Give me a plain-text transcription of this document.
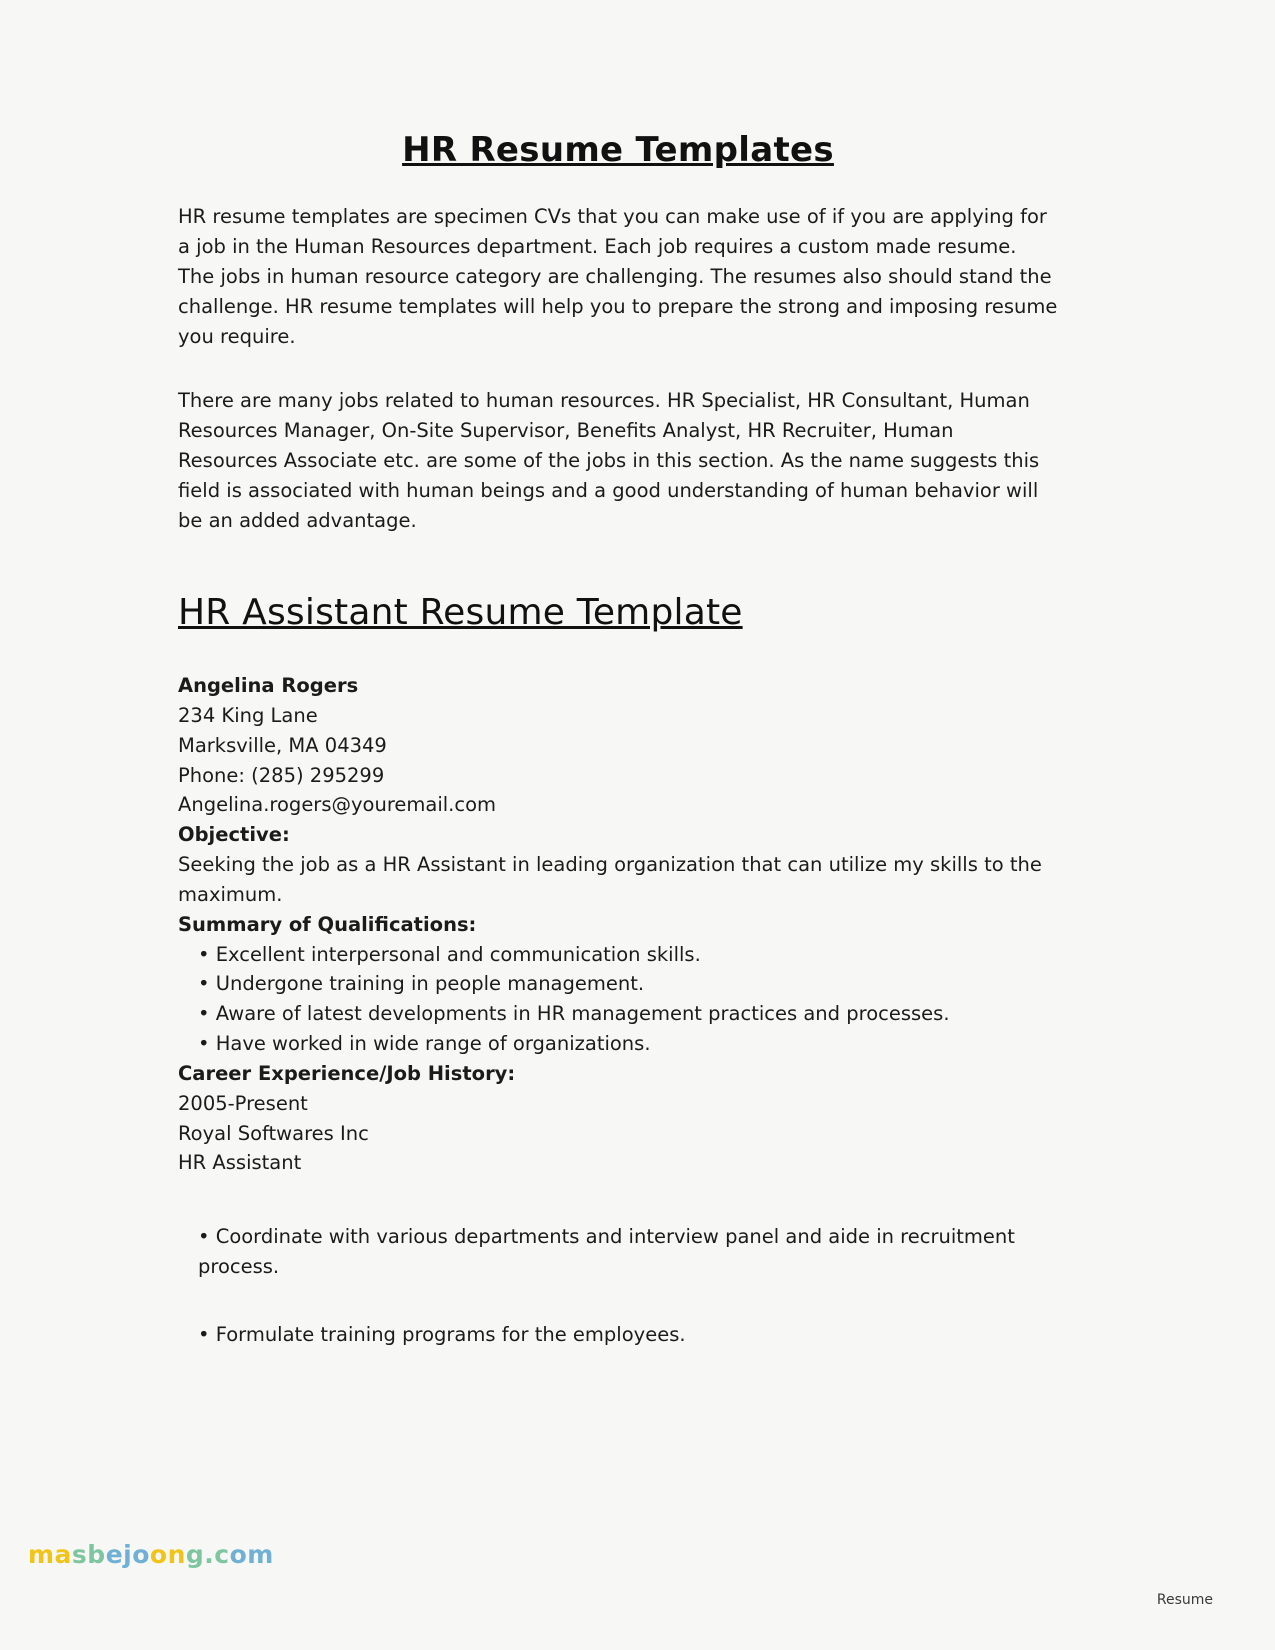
HR Resume Templates

HR resume templates are specimen CVs that you can make use of if you are applying for a job in the Human Resources department. Each job requires a custom made resume. The jobs in human resource category are challenging. The resumes also should stand the challenge. HR resume templates will help you to prepare the strong and imposing resume you require.

There are many jobs related to human resources. HR Specialist, HR Consultant, Human Resources Manager, On-Site Supervisor, Benefits Analyst, HR Recruiter, Human Resources Associate etc. are some of the jobs in this section. As the name suggests this field is associated with human beings and a good understanding of human behavior will be an added advantage.

HR Assistant Resume Template

Angelina Rogers

234 King Lane

Marksville, MA 04349

Phone: (285) 295299

Angelina.rogers@youremail.com

Objective:

Seeking the job as a HR Assistant in leading organization that can utilize my skills to the maximum.

Summary of Qualifications:

• Excellent interpersonal and communication skills.

• Undergone training in people management.

• Aware of latest developments in HR management practices and processes.

• Have worked in wide range of organizations.

Career Experience/Job History:

2005-Present

Royal Softwares Inc

HR Assistant

• Coordinate with various departments and interview panel and aide in recruitment process.

• Formulate training programs for the employees.

masbejoong.com
Resume
